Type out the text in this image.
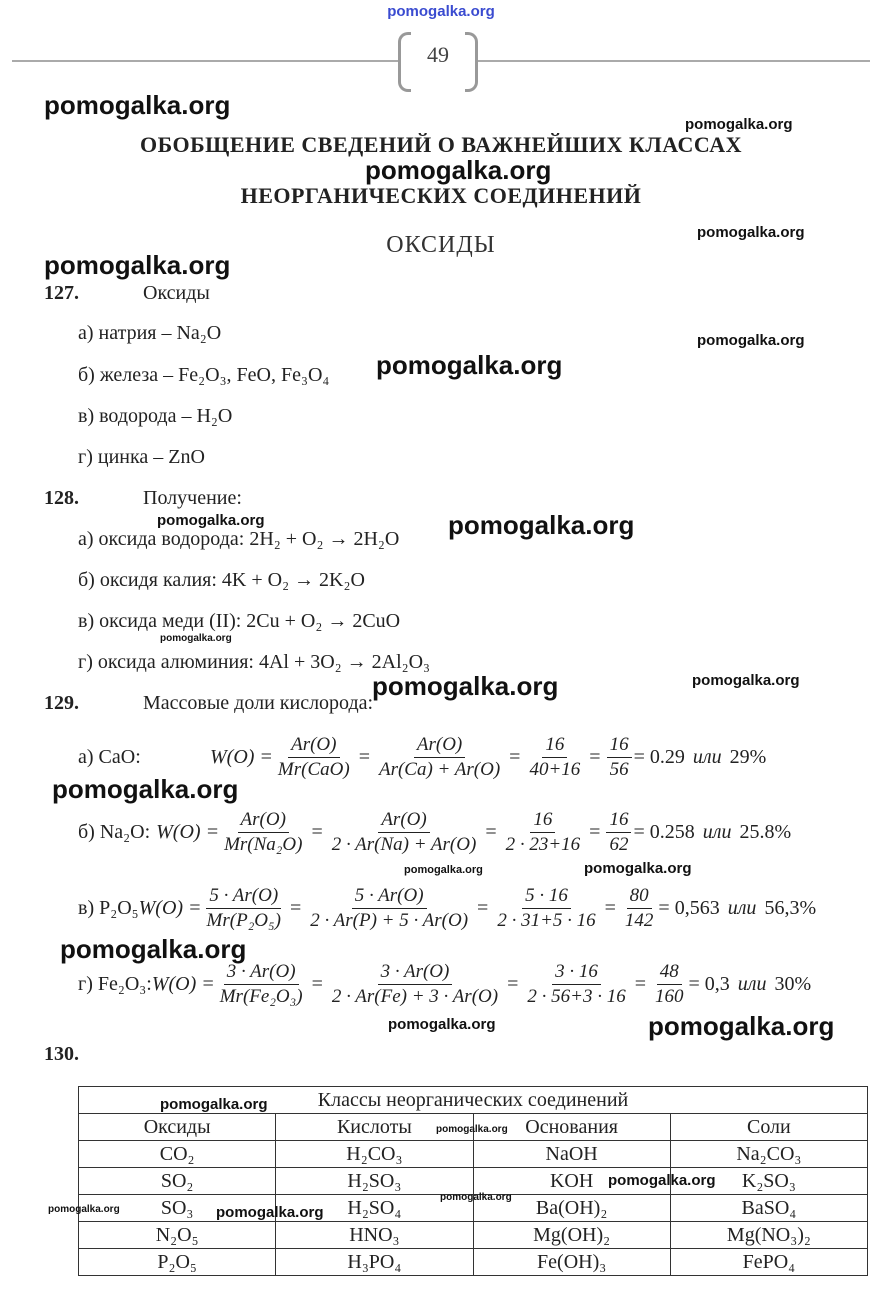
pomogalka.org
49
ОБОБЩЕНИЕ СВЕДЕНИЙ О ВАЖНЕЙШИХ КЛАССАХ
НЕОРГАНИЧЕСКИХ СОЕДИНЕНИЙ
ОКСИДЫ
127.	Оксиды
а) натрия – Na₂O
б) железа – Fe₂O₃, FeO, Fe₃O₄
в) водорода – H₂O
г) цинка – ZnO
128.	Получение:
а) оксида водорода: 2H₂ + O₂ → 2H₂O
б) оксидя калия: 4K + O₂ → 2K₂O
в) оксида меди (II): 2Cu + O₂ → 2CuO
г) оксида алюминия: 4Al + 3O₂ → 2Al₂O₃
129.	Массовые доли кислорода:
а) CaO:	$W(O) = \frac{Ar(O)}{\text{Mr(CaO)}} = \frac{Ar(O)}{Ar(Ca) + Ar(O)} = \frac{16}{40+16} = \frac{16}{56} = 0.29$ или 29%
б) Na₂O: $W(O) = \frac{Ar(O)}{\text{Mr(Na₂O)}} = \frac{Ar(O)}{2 \cdot Ar(Na) + Ar(O)} = \frac{16}{2 \cdot 23+16} = \frac{16}{62} = 0.258$ или 25.8%
в) P₂O₅ $W(O) = \frac{5 \cdot Ar(O)}{\text{Mr(P₂O₅)}} = \frac{5 \cdot Ar(O)}{2 \cdot Ar(P) + 5 \cdot Ar(O)} = \frac{5 \cdot 16}{2 \cdot 31+5 \cdot 16} = \frac{80}{142} = 0,563$ или 56,3%
г) Fe₂O₃: $W(O) = \frac{3 \cdot Ar(O)}{\text{Mr(Fe₂O₃)}} = \frac{3 \cdot Ar(O)}{2 \cdot Ar(Fe) + 3 \cdot Ar(O)} = \frac{3 \cdot 16}{2 \cdot 56+3 \cdot 16} = \frac{48}{160} = 0,3$ или 30%
130.
Классы неорганических соединений			
Оксиды	Кислоты	Основания	Соли
CO₂	H₂CO₃	NaOH	Na₂CO₃
SO₂	H₂SO₃	KOH	K₂SO₃
SO₃	H₂SO₄	Ba(OH)₂	BaSO₄
N₂O₅	HNO₃	Mg(OH)₂	Mg(NO₃)₂
P₂O₅	H₃PO₄	Fe(OH)₃	FePO₄
pomogalka.org
pomogalka.org
pomogalka.org
pomogalka.org
pomogalka.org
pomogalka.org
pomogalka.org
pomogalka.org	pomogalka.org
pomogalka.org
pomogalka.org	pomogalka.org
pomogalka.org
pomogalka.org	pomogalka.org
pomogalka.org
pomogalka.org	pomogalka.org
pomogalka.org
pomogalka.org
pomogalka.org
pomogalka.org
pomogalka.org	pomogalka.org
